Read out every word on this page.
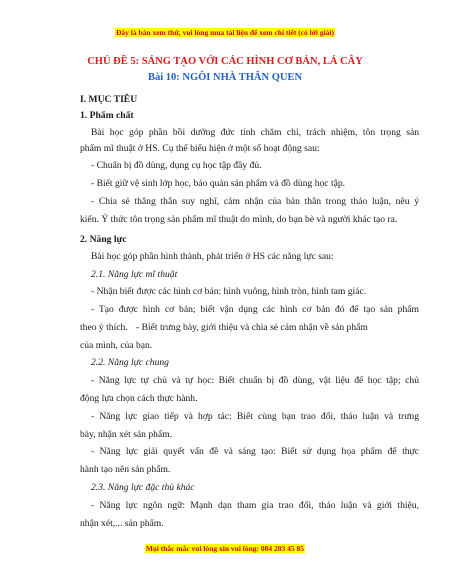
Đây là bản xem thử, vui lòng mua tài liệu để xem chi tiết (có lời giải)
CHỦ ĐỀ 5: SÁNG TẠO VỚI CÁC HÌNH CƠ BẢN, LÁ CÂY
Bài 10: NGÔI NHÀ THÂN QUEN
I. MỤC TIÊU
1. Phẩm chất
Bài học góp phần bồi dưỡng đức tính chăm chỉ, trách nhiệm, tôn trọng sản
phẩm mĩ thuật ở HS. Cụ thể biểu hiện ở một số hoạt động sau:
- Chuẩn bị đồ dùng, dụng cụ học tập đầy đủ.
- Biết giữ vệ sinh lớp học, bảo quản sản phẩm và đồ dùng học tập.
- Chia sẻ thẳng thắn suy nghĩ, cảm nhận của bản thân trong thảo luận, nêu ý
kiến. Ý thức tôn trọng sản phẩm mĩ thuật do mình, do bạn bè và người khác tạo ra.
2. Năng lực
Bài học góp phần hình thành, phát triển ở HS các năng lực sau:
2.1. Năng lực mĩ thuật
- Nhận biết được các hình cơ bản: hình vuông, hình tròn, hình tam giác.
- Tạo được hình cơ bản; biết vận dụng các hình cơ bản đó để tạo sản phẩm
theo ý thích. - Biết trưng bày, giới thiệu và chia sẻ cảm nhận về sản phẩm
của mình, của bạn.
2.2. Năng lực chung
- Năng lực tự chủ và tự học: Biết chuẩn bị đồ dùng, vật liệu để học tập; chủ
động lựa chọn cách thực hành.
- Năng lực giao tiếp và hợp tác: Biết cùng bạn trao đổi, thảo luận và trưng
bày, nhận xét sản phẩm.
- Năng lực giải quyết vấn đề và sáng tạo: Biết sử dụng họa phẩm để thực
hành tạo nên sản phẩm.
2.3. Năng lực đặc thù khác
- Năng lực ngôn ngữ: Mạnh dạn tham gia trao đổi, thảo luận và giới thiệu,
nhận xét,... sản phẩm.
Mọi thắc mắc vui lòng xin vui lòng: 084 283 45 85
